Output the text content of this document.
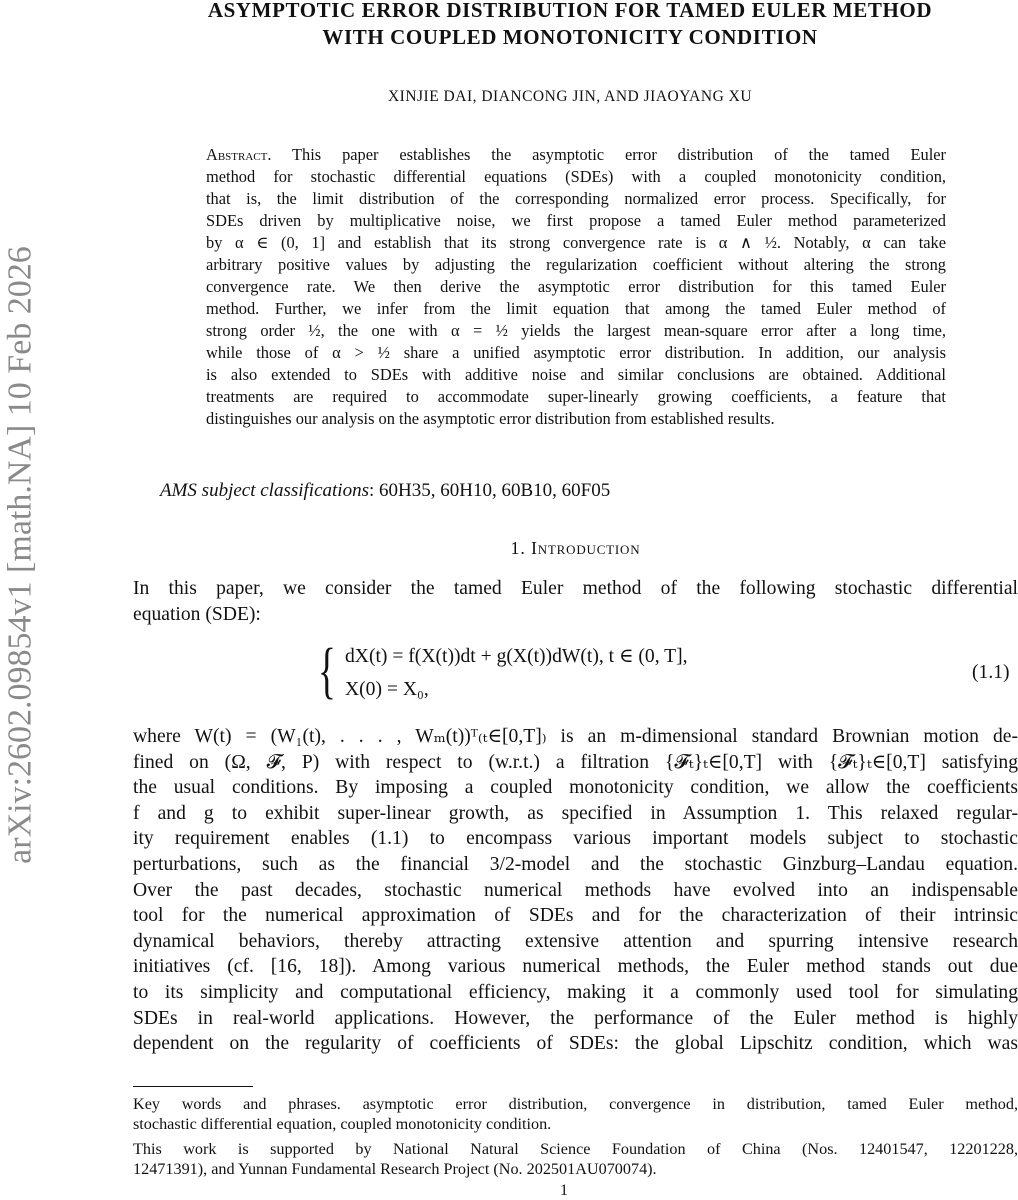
arXiv:2602.09854v1 [math.NA] 10 Feb 2026
ASYMPTOTIC ERROR DISTRIBUTION FOR TAMED EULER METHOD
WITH COUPLED MONOTONICITY CONDITION
XINJIE DAI, DIANCONG JIN, AND JIAOYANG XU
Abstract. This paper establishes the asymptotic error distribution of the tamed Euler
method for stochastic differential equations (SDEs) with a coupled monotonicity condition,
that is, the limit distribution of the corresponding normalized error process. Specifically, for
SDEs driven by multiplicative noise, we first propose a tamed Euler method parameterized
by α ∈ (0, 1] and establish that its strong convergence rate is α ∧ ½. Notably, α can take
arbitrary positive values by adjusting the regularization coefficient without altering the strong
convergence rate. We then derive the asymptotic error distribution for this tamed Euler
method. Further, we infer from the limit equation that among the tamed Euler method of
strong order ½, the one with α = ½ yields the largest mean-square error after a long time,
while those of α > ½ share a unified asymptotic error distribution. In addition, our analysis
is also extended to SDEs with additive noise and similar conclusions are obtained. Additional
treatments are required to accommodate super-linearly growing coefficients, a feature that
distinguishes our analysis on the asymptotic error distribution from established results.
AMS subject classifications: 60H35, 60H10, 60B10, 60F05
1. Introduction
In this paper, we consider the tamed Euler method of the following stochastic differential
equation (SDE):
{ dX(t) = f(X(t))dt + g(X(t))dW(t), t ∈ (0, T],
X(0) = X₀,
(1.1)
where W(t) = (W₁(t), . . . , Wₘ(t))ᵀ₍ₜ∈[0,T]₎ is an m-dimensional standard Brownian motion de-
fined on (Ω, 𝓕, P) with respect to (w.r.t.) a filtration {𝓕ₜ}ₜ∈[0,T] with {𝓕ₜ}ₜ∈[0,T] satisfying
the usual conditions. By imposing a coupled monotonicity condition, we allow the coefficients
f and g to exhibit super-linear growth, as specified in Assumption 1. This relaxed regular-
ity requirement enables (1.1) to encompass various important models subject to stochastic
perturbations, such as the financial 3/2-model and the stochastic Ginzburg–Landau equation.
Over the past decades, stochastic numerical methods have evolved into an indispensable
tool for the numerical approximation of SDEs and for the characterization of their intrinsic
dynamical behaviors, thereby attracting extensive attention and spurring intensive research
initiatives (cf. [16, 18]). Among various numerical methods, the Euler method stands out due
to its simplicity and computational efficiency, making it a commonly used tool for simulating
SDEs in real-world applications. However, the performance of the Euler method is highly
dependent on the regularity of coefficients of SDEs: the global Lipschitz condition, which was
Key words and phrases. asymptotic error distribution, convergence in distribution, tamed Euler method,
stochastic differential equation, coupled monotonicity condition.
This work is supported by National Natural Science Foundation of China (Nos. 12401547, 12201228,
12471391), and Yunnan Fundamental Research Project (No. 202501AU070074).
1
